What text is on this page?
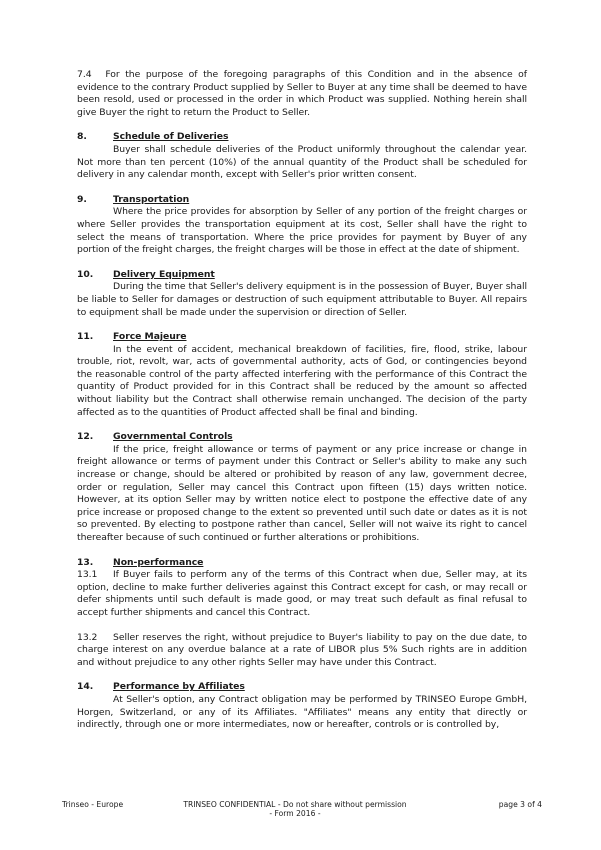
7.4  For the purpose of the foregoing paragraphs of this Condition and in the absence of evidence to the contrary Product supplied by Seller to Buyer at any time shall be deemed to have been resold, used or processed in the order in which Product was supplied. Nothing herein shall give Buyer the right to return the Product to Seller.

8.	Schedule of Deliveries

Buyer shall schedule deliveries of the Product uniformly throughout the calendar year. Not more than ten percent (10%) of the annual quantity of the Product shall be scheduled for delivery in any calendar month, except with Seller's prior written consent.

9.	Transportation

Where the price provides for absorption by Seller of any portion of the freight charges or where Seller provides the transportation equipment at its cost, Seller shall have the right to select the means of transportation. Where the price provides for payment by Buyer of any portion of the freight charges, the freight charges will be those in effect at the date of shipment.

10.	Delivery Equipment

During the time that Seller's delivery equipment is in the possession of Buyer, Buyer shall be liable to Seller for damages or destruction of such equipment attributable to Buyer. All repairs to equipment shall be made under the supervision or direction of Seller.

11.	Force Majeure

In the event of accident, mechanical breakdown of facilities, fire, flood, strike, labour trouble, riot, revolt, war, acts of governmental authority, acts of God, or contingencies beyond the reasonable control of the party affected interfering with the performance of this Contract the quantity of Product provided for in this Contract shall be reduced by the amount so affected without liability but the Contract shall otherwise remain unchanged. The decision of the party affected as to the quantities of Product affected shall be final and binding.

12.	Governmental Controls

If the price, freight allowance or terms of payment or any price increase or change in freight allowance or terms of payment under this Contract or Seller's ability to make any such increase or change, should be altered or prohibited by reason of any law, government decree, order or regulation, Seller may cancel this Contract upon fifteen (15) days written notice. However, at its option Seller may by written notice elect to postpone the effective date of any price increase or proposed change to the extent so prevented until such date or dates as it is not so prevented. By electing to postpone rather than cancel, Seller will not waive its right to cancel thereafter because of such continued or further alterations or prohibitions.

13.	Non-performance

13.1 If Buyer fails to perform any of the terms of this Contract when due, Seller may, at its option, decline to make further deliveries against this Contract except for cash, or may recall or defer shipments until such default is made good, or may treat such default as final refusal to accept further shipments and cancel this Contract.

13.2 Seller reserves the right, without prejudice to Buyer's liability to pay on the due date, to charge interest on any overdue balance at a rate of LIBOR plus 5% Such rights are in addition and without prejudice to any other rights Seller may have under this Contract.

14.	Performance by Affiliates

At Seller's option, any Contract obligation may be performed by TRINSEO Europe GmbH, Horgen, Switzerland, or any of its Affiliates. "Affiliates" means any entity that directly or indirectly, through one or more intermediates, now or hereafter, controls or is controlled by,

Trinseo - Europe	TRINSEO CONFIDENTIAL - Do not share without permission
- Form 2016 -
page 3 of 4
